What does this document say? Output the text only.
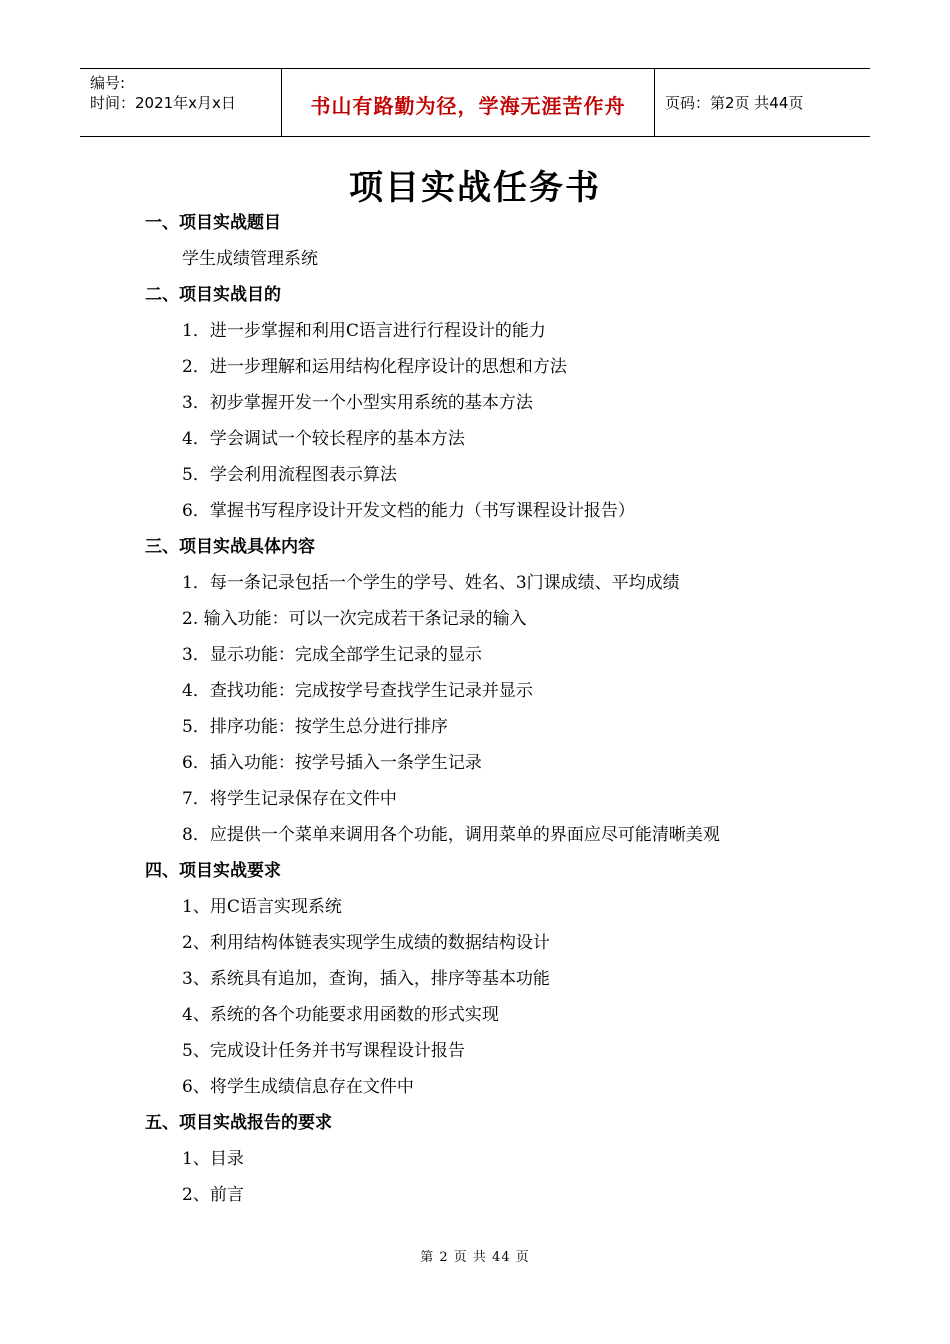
编号:
时间：2021年x月x日	书山有路勤为径，学海无涯苦作舟	页码：第2页 共44页
项目实战任务书
一、项目实战题目
学生成绩管理系统
二、项目实战目的
1．进一步掌握和利用C语言进行行程设计的能力
2．进一步理解和运用结构化程序设计的思想和方法
3．初步掌握开发一个小型实用系统的基本方法
4．学会调试一个较长程序的基本方法
5．学会利用流程图表示算法
6．掌握书写程序设计开发文档的能力（书写课程设计报告）
三、项目实战具体内容
1．每一条记录包括一个学生的学号、姓名、3门课成绩、平均成绩
2. 输入功能：可以一次完成若干条记录的输入
3．显示功能：完成全部学生记录的显示
4．查找功能：完成按学号查找学生记录并显示
5．排序功能：按学生总分进行排序
6．插入功能：按学号插入一条学生记录
7．将学生记录保存在文件中
8．应提供一个菜单来调用各个功能，调用菜单的界面应尽可能清晰美观
四、项目实战要求
1、用C语言实现系统
2、利用结构体链表实现学生成绩的数据结构设计
3、系统具有追加，查询，插入，排序等基本功能
4、系统的各个功能要求用函数的形式实现
5、完成设计任务并书写课程设计报告
6、将学生成绩信息存在文件中
五、项目实战报告的要求
1、目录
2、前言
第 2 页 共 44 页
